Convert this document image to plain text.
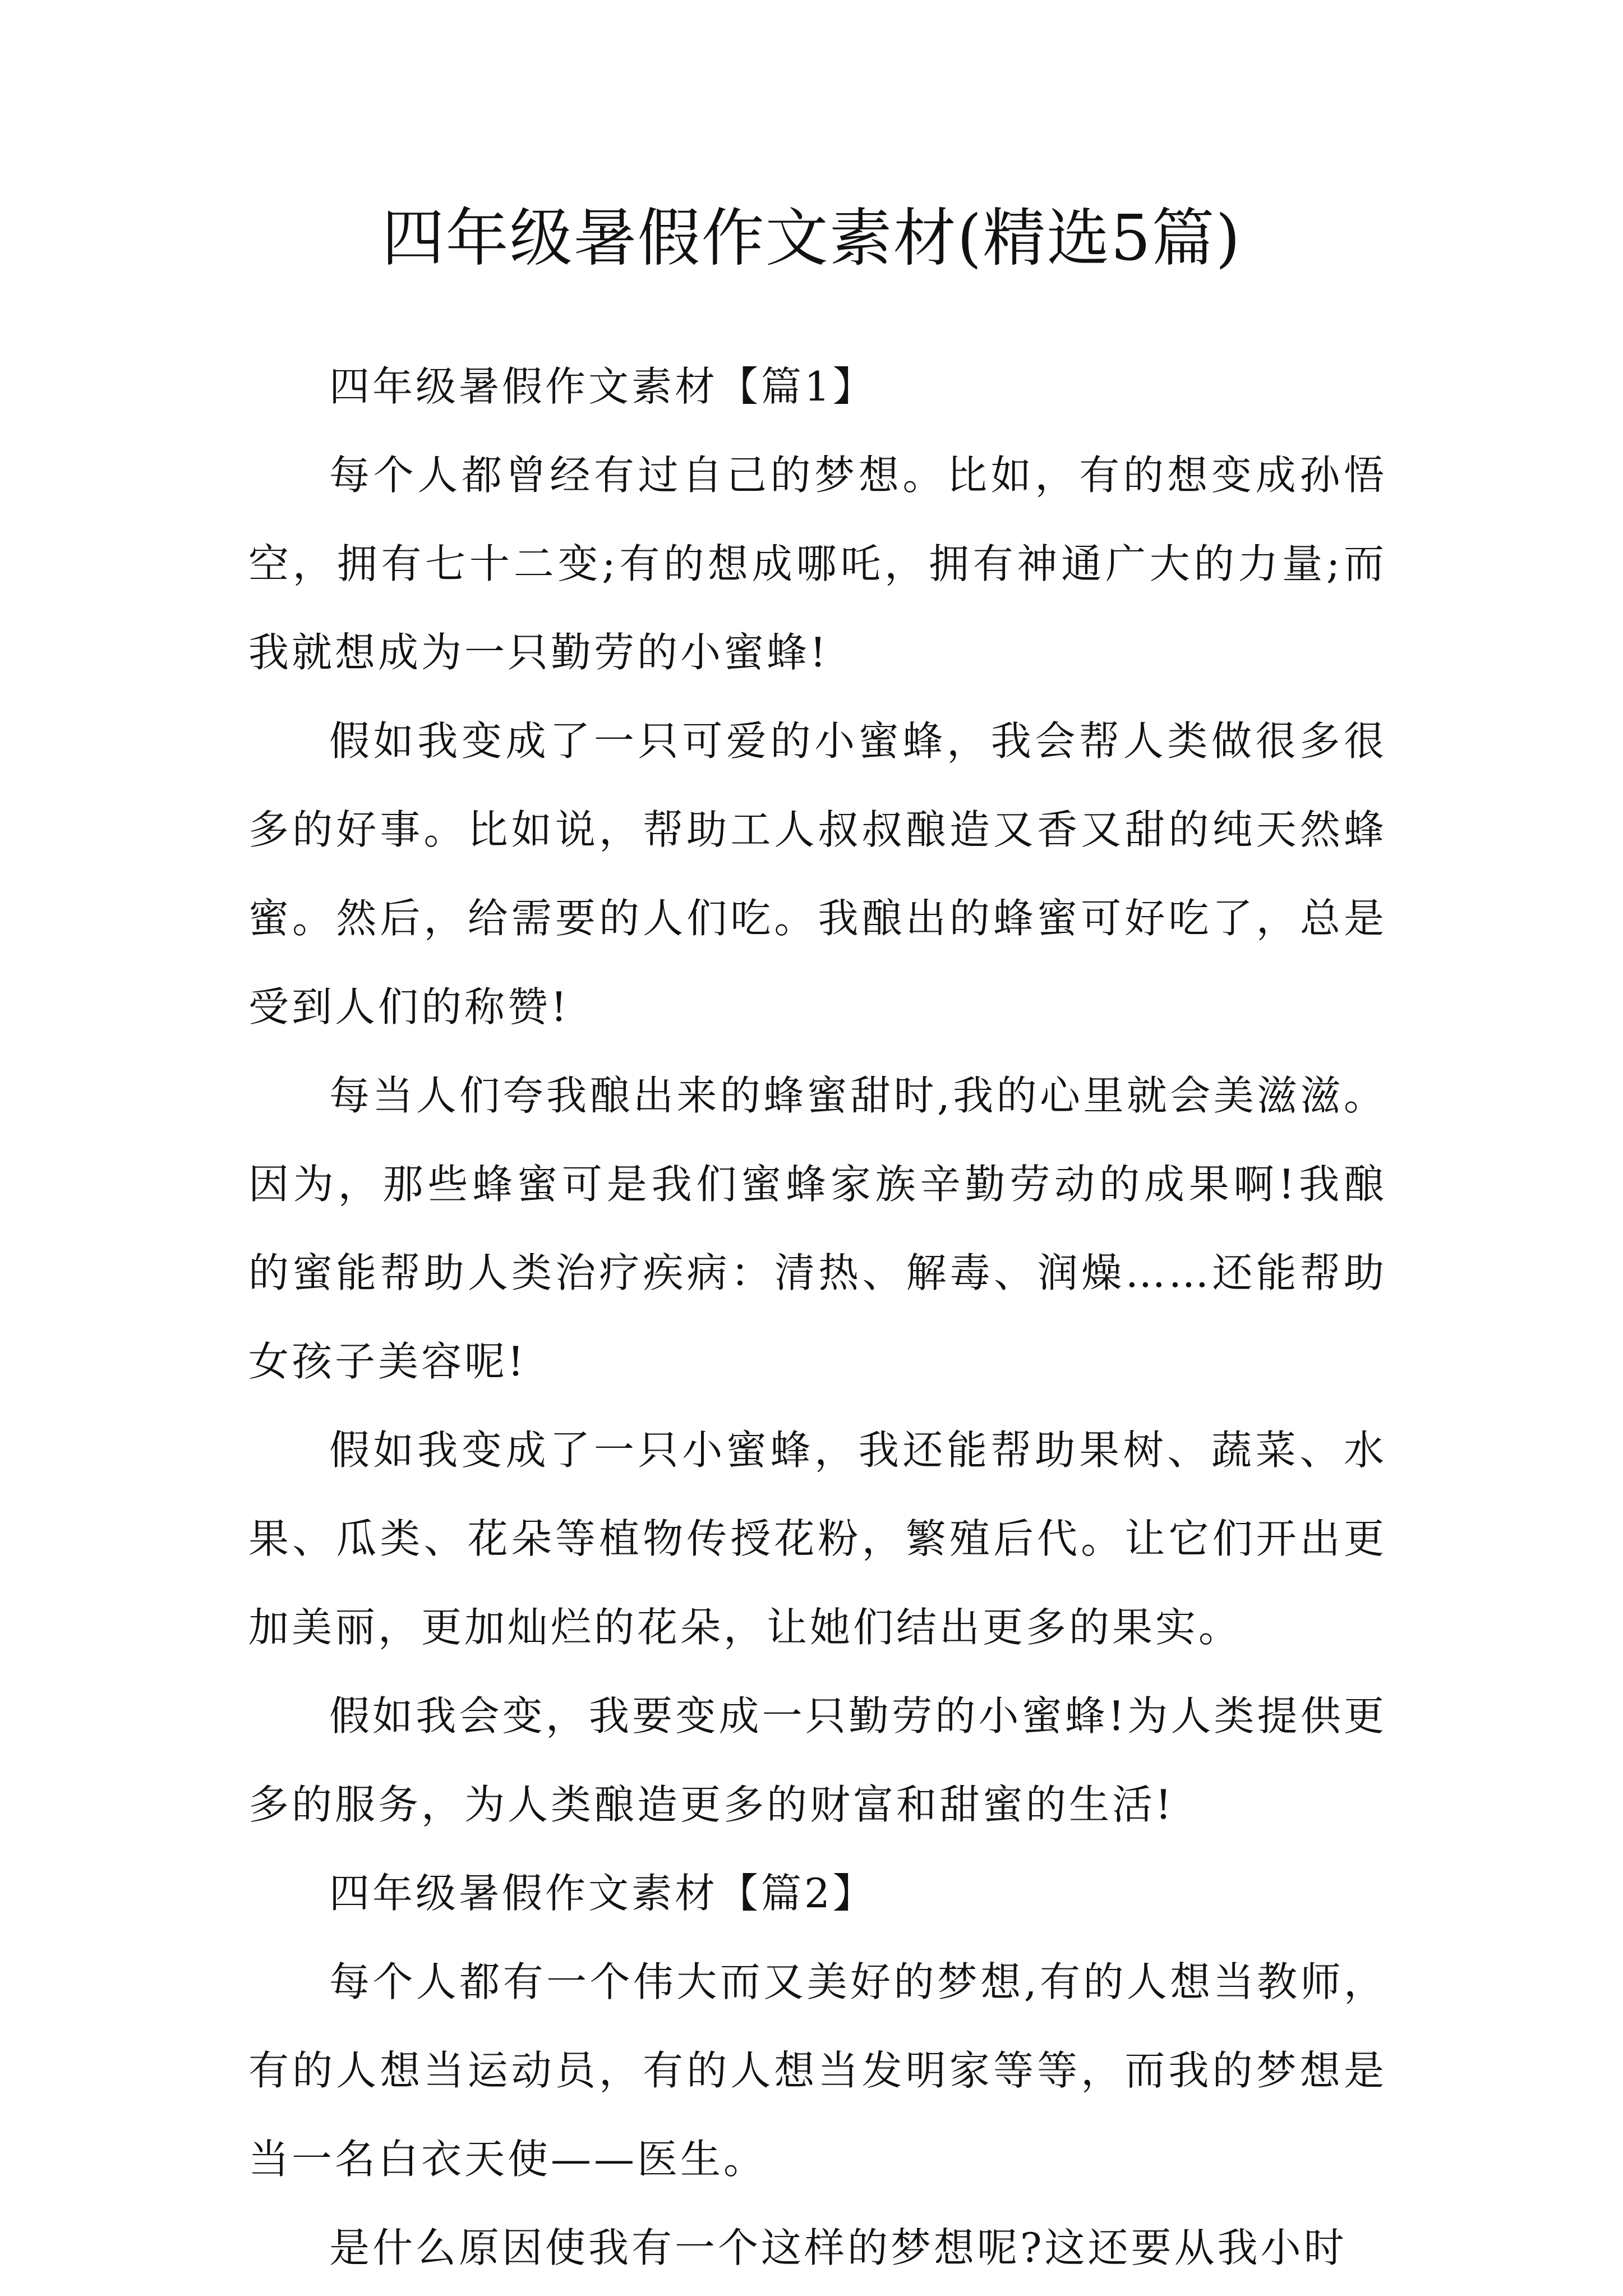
四年级暑假作文素材(精选5篇)

四年级暑假作文素材【篇1】

每个人都曾经有过自己的梦想。比如，有的想变成孙悟空，拥有七十二变;有的想成哪吒，拥有神通广大的力量;而我就想成为一只勤劳的小蜜蜂!

假如我变成了一只可爱的小蜜蜂，我会帮人类做很多很多的好事。比如说，帮助工人叔叔酿造又香又甜的纯天然蜂蜜。然后，给需要的人们吃。我酿出的蜂蜜可好吃了，总是受到人们的称赞!

每当人们夸我酿出来的蜂蜜甜时,我的心里就会美滋滋。因为，那些蜂蜜可是我们蜜蜂家族辛勤劳动的成果啊!我酿的蜜能帮助人类治疗疾病：清热、解毒、润燥……还能帮助女孩子美容呢!

假如我变成了一只小蜜蜂，我还能帮助果树、蔬菜、水果、瓜类、花朵等植物传授花粉，繁殖后代。让它们开出更加美丽，更加灿烂的花朵，让她们结出更多的果实。

假如我会变，我要变成一只勤劳的小蜜蜂!为人类提供更多的服务，为人类酿造更多的财富和甜蜜的生活!

四年级暑假作文素材【篇2】

每个人都有一个伟大而又美好的梦想,有的人想当教师，有的人想当运动员，有的人想当发明家等等，而我的梦想是当一名白衣天使——医生。

是什么原因使我有一个这样的梦想呢?这还要从我小时
